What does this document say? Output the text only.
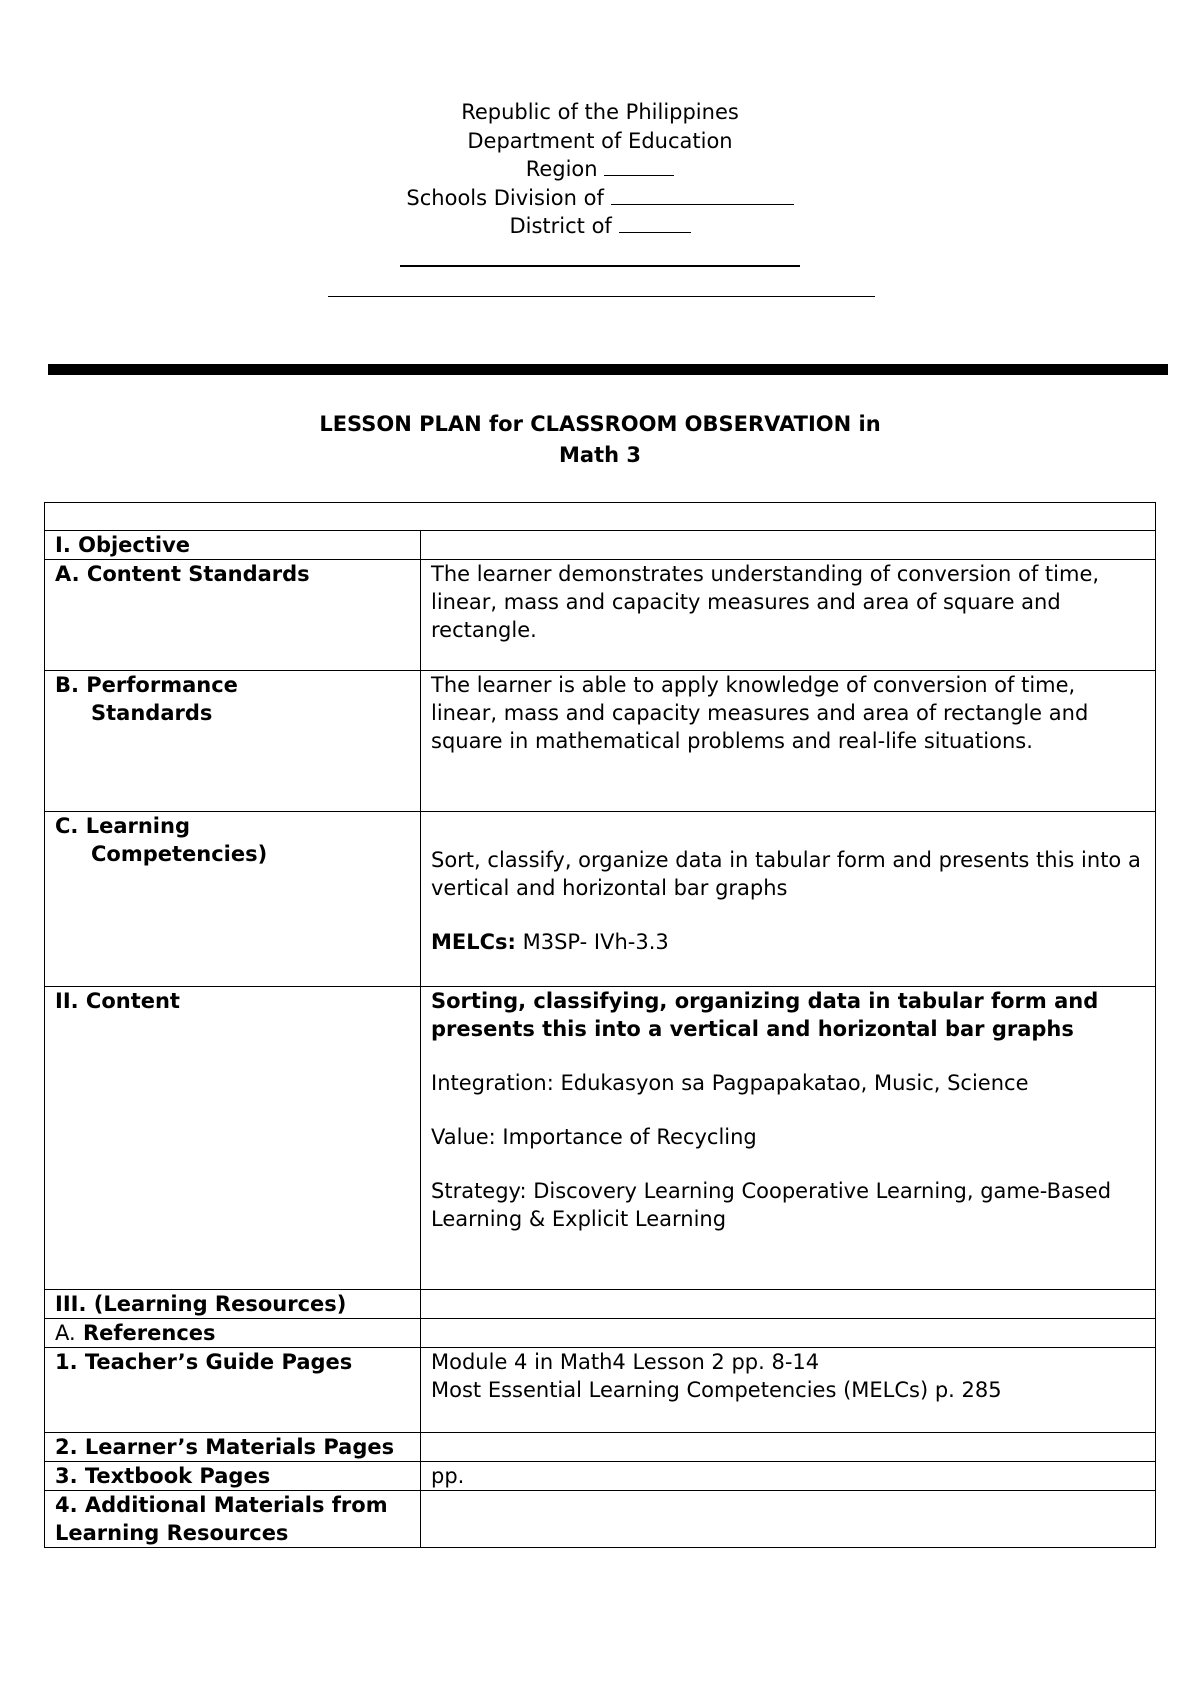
Republic of the Philippines
Department of Education
Region
Schools Division of
District of
LESSON PLAN for CLASSROOM OBSERVATION in
Math 3

I. Objective	
A. Content Standards	The learner demonstrates understanding of conversion of time, linear, mass and capacity measures and area of square and rectangle.

B. Performance
Standards	The learner is able to apply knowledge of conversion of time, linear, mass and capacity measures and area of rectangle and square in mathematical problems and real-life situations.

C. Learning
Competencies)	Sort, classify, organize data in tabular form and presents this into a vertical and horizontal bar graphs
MELCs: M3SP- IVh-3.3

II. Content	Sorting, classifying, organizing data in tabular form and presents this into a vertical and horizontal bar graphs
Integration: Edukasyon sa Pagpapakatao, Music, Science
Value: Importance of Recycling
Strategy: Discovery Learning Cooperative Learning, game-Based Learning & Explicit Learning

III. (Learning Resources)	
A. References	
1. Teacher’s Guide Pages	Module 4 in Math4 Lesson 2 pp. 8-14
Most Essential Learning Competencies (MELCs) p. 285

2. Learner’s Materials Pages	
3. Textbook Pages	pp.
4. Additional Materials from Learning Resources	
